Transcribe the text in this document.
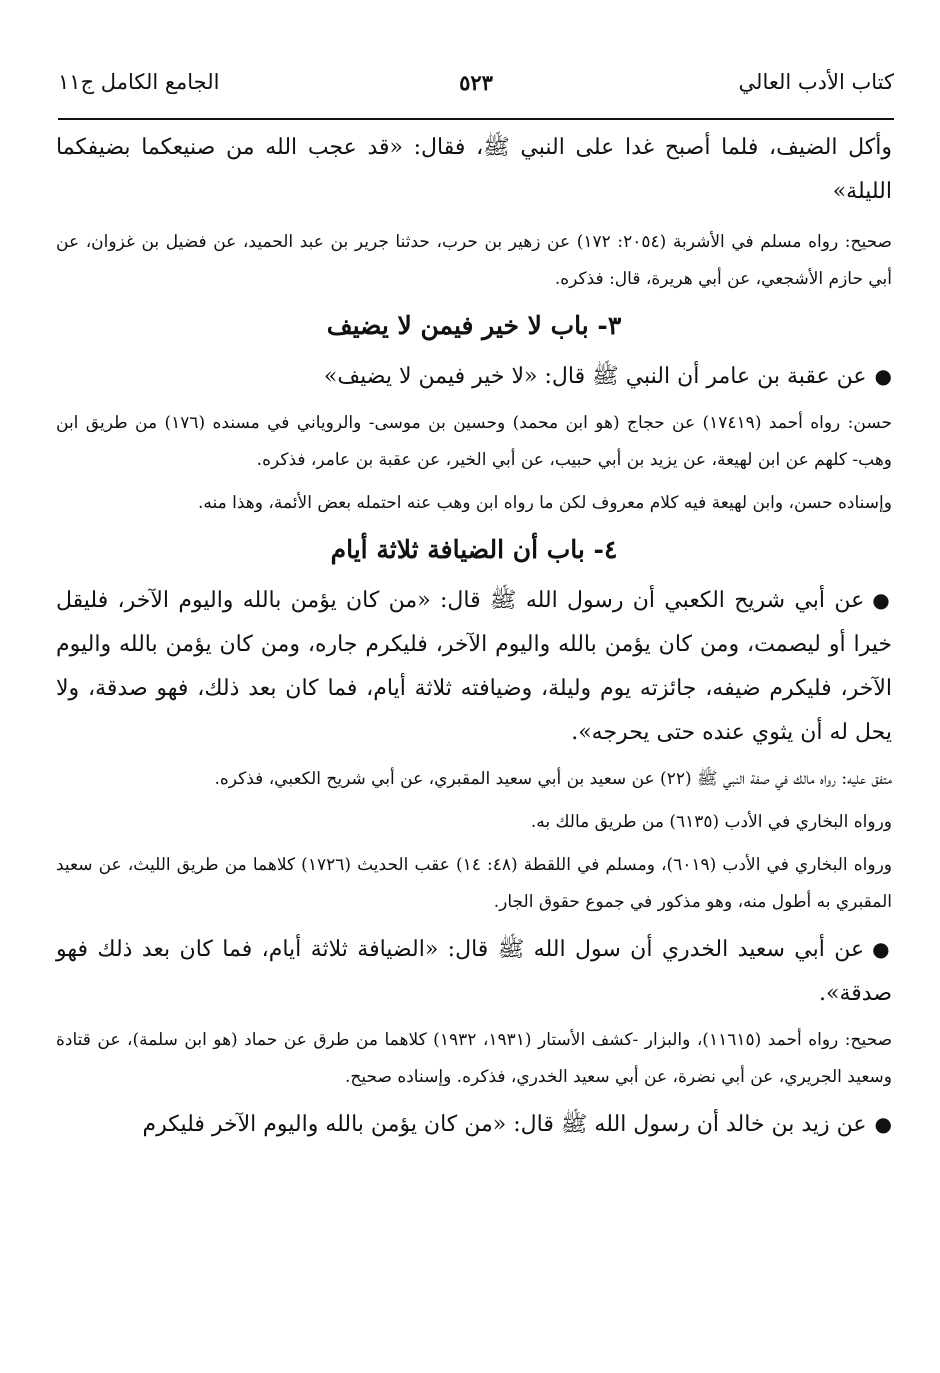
كتاب الأدب العالي
٥٢٣
الجامع الكامل ج١١

وأكل الضيف، فلما أصبح غدا على النبي ﷺ، فقال: «قد عجب الله من صنيعكما بضيفكما الليلة»

صحيح: رواه مسلم في الأشربة (٢٠٥٤: ١٧٢) عن زهير بن حرب، حدثنا جرير بن عبد الحميد، عن فضيل بن غزوان، عن أبي حازم الأشجعي، عن أبي هريرة، قال: فذكره.

٣- باب لا خير فيمن لا يضيف

●عن عقبة بن عامر أن النبي ﷺ قال: «لا خير فيمن لا يضيف»

حسن: رواه أحمد (١٧٤١٩) عن حجاج (هو ابن محمد) وحسين بن موسى- والروياني في مسنده (١٧٦) من طريق ابن وهب- كلهم عن ابن لهيعة، عن يزيد بن أبي حبيب، عن أبي الخير، عن عقبة بن عامر، فذكره.

وإسناده حسن، وابن لهيعة فيه كلام معروف لكن ما رواه ابن وهب عنه احتمله بعض الأئمة، وهذا منه.

٤- باب أن الضيافة ثلاثة أيام

●عن أبي شريح الكعبي أن رسول الله ﷺ قال: «من كان يؤمن بالله واليوم الآخر، فليقل خيرا أو ليصمت، ومن كان يؤمن بالله واليوم الآخر، فليكرم جاره، ومن كان يؤمن بالله واليوم الآخر، فليكرم ضيفه، جائزته يوم وليلة، وضيافته ثلاثة أيام، فما كان بعد ذلك، فهو صدقة، ولا يحل له أن يثوي عنده حتى يحرجه».

متفق عليه: رواه مالك في صفة النبي ﷺ (٢٢) عن سعيد بن أبي سعيد المقبري، عن أبي شريح الكعبي، فذكره.

ورواه البخاري في الأدب (٦١٣٥) من طريق مالك به.

ورواه البخاري في الأدب (٦٠١٩)، ومسلم في اللقطة (٤٨: ١٤) عقب الحديث (١٧٢٦) كلاهما من طريق الليث، عن سعيد المقبري به أطول منه، وهو مذكور في جموع حقوق الجار.

●عن أبي سعيد الخدري أن سول الله ﷺ قال: «الضيافة ثلاثة أيام، فما كان بعد ذلك فهو صدقة».

صحيح: رواه أحمد (١١٦١٥)، والبزار -كشف الأستار (١٩٣١، ١٩٣٢) كلاهما من طرق عن حماد (هو ابن سلمة)، عن قتادة وسعيد الجريري، عن أبي نضرة، عن أبي سعيد الخدري، فذكره. وإسناده صحيح.

●عن زيد بن خالد أن رسول الله ﷺ قال: «من كان يؤمن بالله واليوم الآخر فليكرم
